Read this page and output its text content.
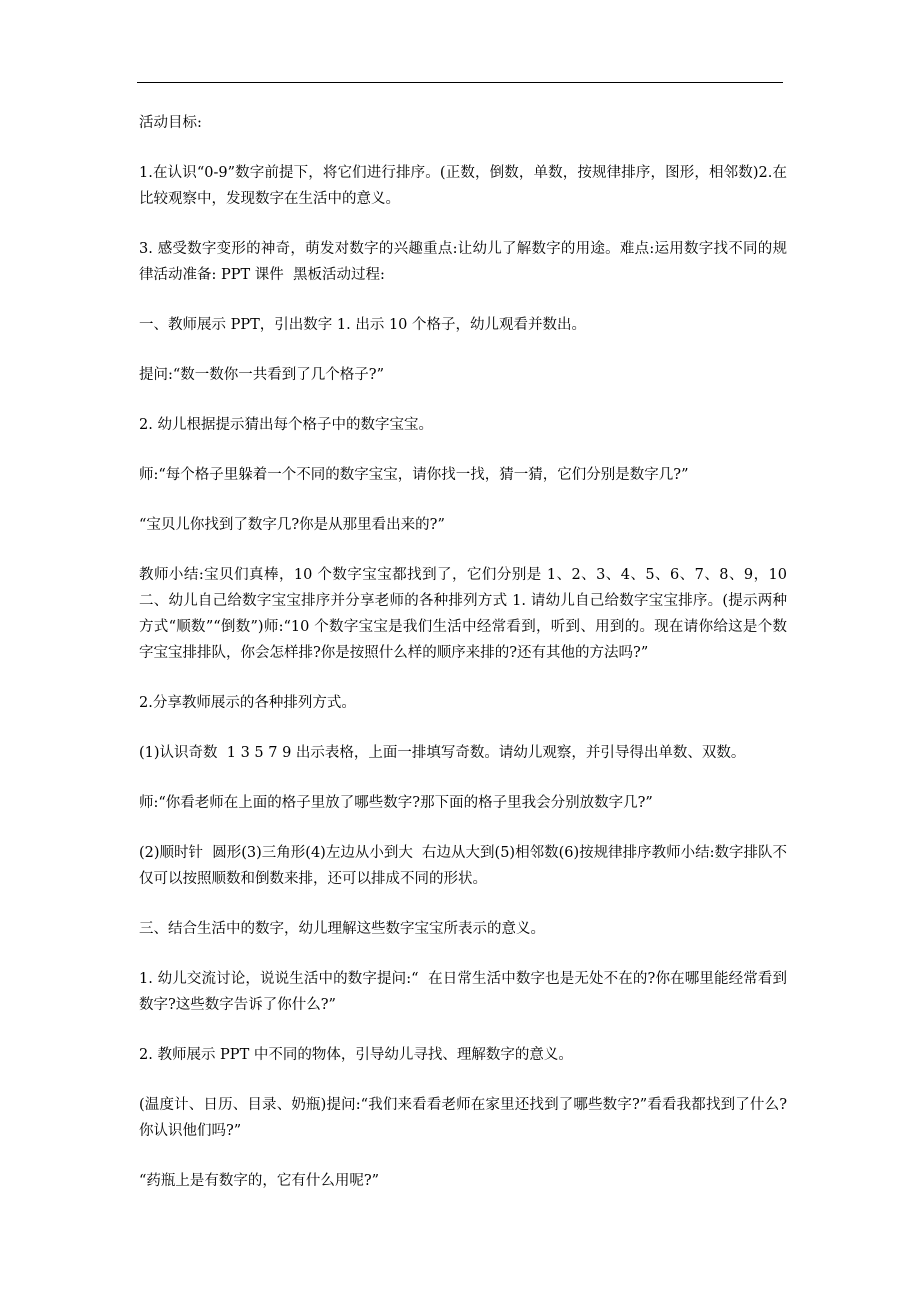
活动目标:

1.在认识“0-9”数字前提下，将它们进行排序。(正数，倒数，单数，按规律排序，图形，相邻数)2.在比较观察中，发现数字在生活中的意义。

3. 感受数字变形的神奇，萌发对数字的兴趣重点:让幼儿了解数字的用途。难点:运用数字找不同的规律活动准备: PPT 课件  黑板活动过程:

一、教师展示 PPT，引出数字 1. 出示 10 个格子，幼儿观看并数出。

提问:“数一数你一共看到了几个格子?”

2. 幼儿根据提示猜出每个格子中的数字宝宝。

师:“每个格子里躲着一个不同的数字宝宝，请你找一找，猜一猜，它们分别是数字几?”

“宝贝儿你找到了数字几?你是从那里看出来的?”

教师小结:宝贝们真棒，10 个数字宝宝都找到了，它们分别是 1、2、3、4、5、6、7、8、9，10 二、幼儿自己给数字宝宝排序并分享老师的各种排列方式 1. 请幼儿自己给数字宝宝排序。(提示两种方式“顺数”“倒数”)师:“10 个数字宝宝是我们生活中经常看到，听到、用到的。现在请你给这是个数字宝宝排排队，你会怎样排?你是按照什么样的顺序来排的?还有其他的方法吗?”

2.分享教师展示的各种排列方式。

(1)认识奇数  1 3 5 7 9 出示表格，上面一排填写奇数。请幼儿观察，并引导得出单数、双数。

师:“你看老师在上面的格子里放了哪些数字?那下面的格子里我会分别放数字几?”

(2)顺时针  圆形(3)三角形(4)左边从小到大  右边从大到(5)相邻数(6)按规律排序教师小结:数字排队不仅可以按照顺数和倒数来排，还可以排成不同的形状。

三、结合生活中的数字，幼儿理解这些数字宝宝所表示的意义。

1. 幼儿交流讨论，说说生活中的数字提问:“  在日常生活中数字也是无处不在的?你在哪里能经常看到数字?这些数字告诉了你什么?”

2. 教师展示 PPT 中不同的物体，引导幼儿寻找、理解数字的意义。

(温度计、日历、目录、奶瓶)提问:“我们来看看老师在家里还找到了哪些数字?”看看我都找到了什么?你认识他们吗?”

“药瓶上是有数字的，它有什么用呢?”
